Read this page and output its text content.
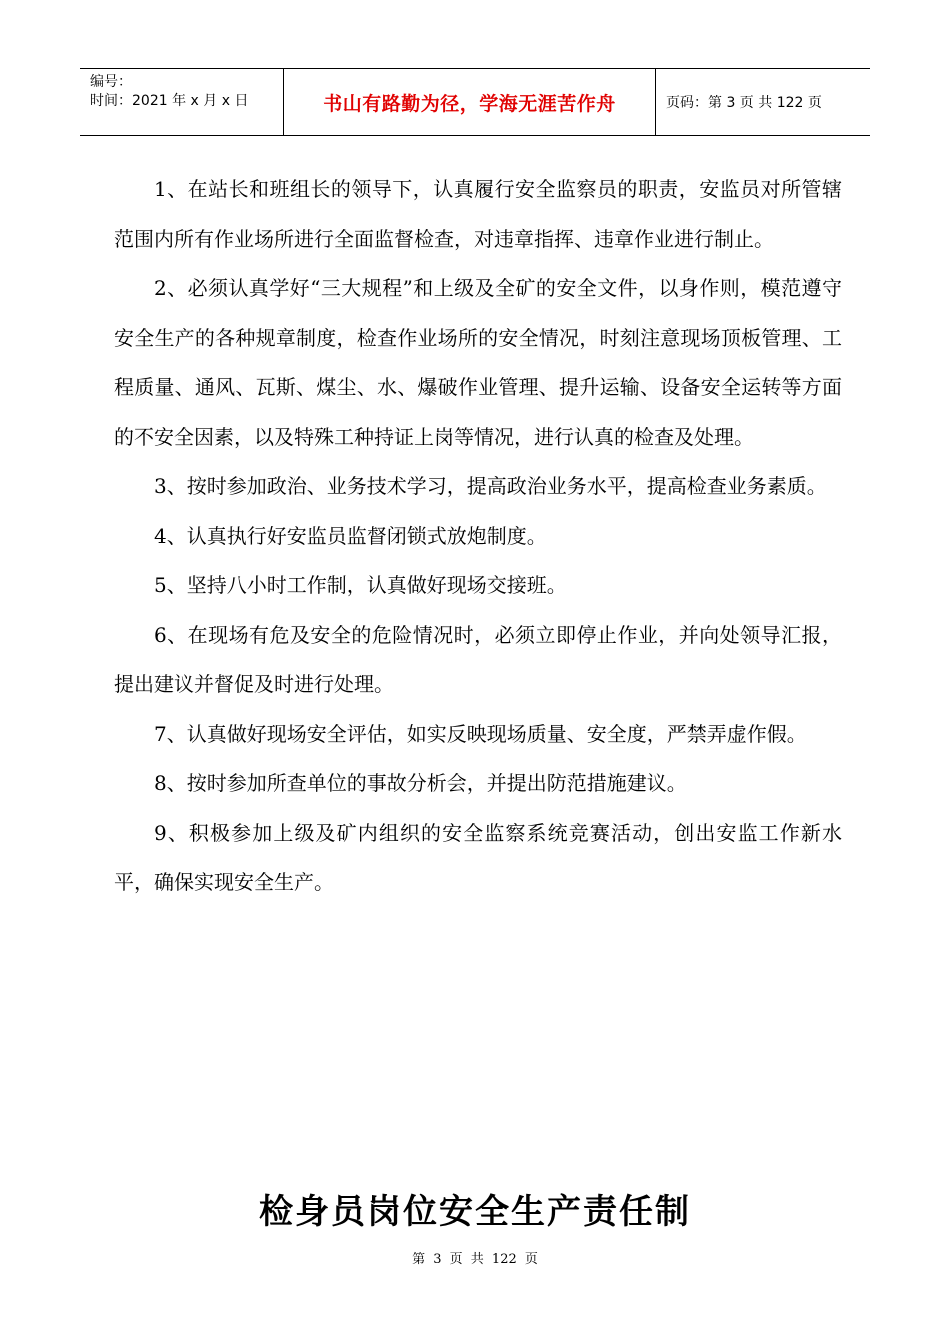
编号：
时间：2021 年 x 月 x 日	书山有路勤为径，学海无涯苦作舟	页码：第 3 页 共 122 页

1、在站长和班组长的领导下，认真履行安全监察员的职责，安监员对所管辖范围内所有作业场所进行全面监督检查，对违章指挥、违章作业进行制止。

2、必须认真学好“三大规程”和上级及全矿的安全文件，以身作则，模范遵守安全生产的各种规章制度，检查作业场所的安全情况，时刻注意现场顶板管理、工程质量、通风、瓦斯、煤尘、水、爆破作业管理、提升运输、设备安全运转等方面的不安全因素，以及特殊工种持证上岗等情况，进行认真的检查及处理。

3、按时参加政治、业务技术学习，提高政治业务水平，提高检查业务素质。

4、认真执行好安监员监督闭锁式放炮制度。

5、坚持八小时工作制，认真做好现场交接班。

6、在现场有危及安全的危险情况时，必须立即停止作业，并向处领导汇报，提出建议并督促及时进行处理。

7、认真做好现场安全评估，如实反映现场质量、安全度，严禁弄虚作假。

8、按时参加所查单位的事故分析会，并提出防范措施建议。

9、积极参加上级及矿内组织的安全监察系统竞赛活动，创出安监工作新水平，确保实现安全生产。

检身员岗位安全生产责任制
第 3 页 共 122 页
